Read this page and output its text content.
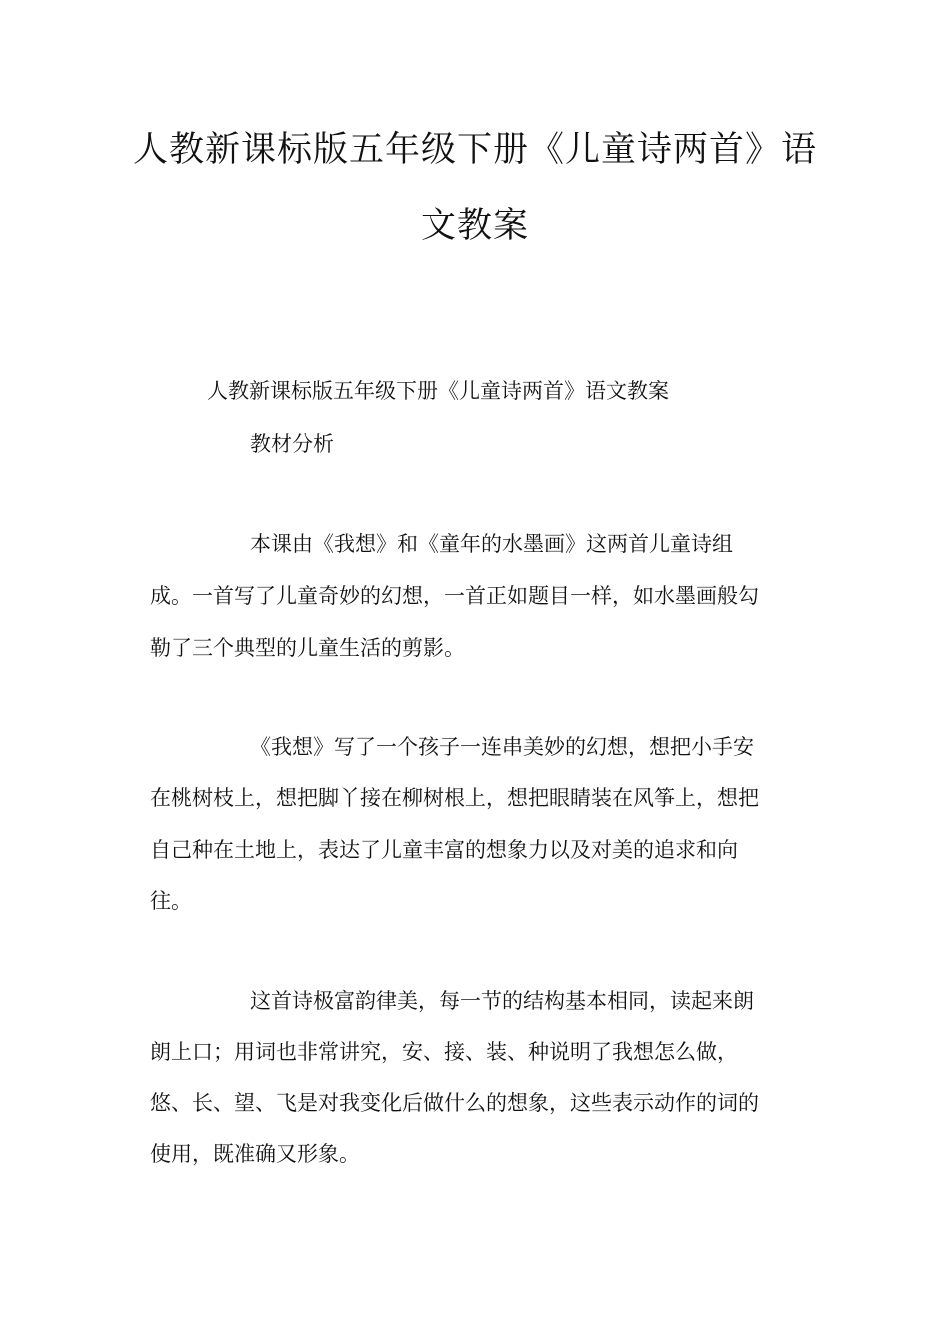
人教新课标版五年级下册《儿童诗两首》语
文教案
人教新课标版五年级下册《儿童诗两首》语文教案
教材分析
本课由《我想》和《童年的水墨画》这两首儿童诗组
成。一首写了儿童奇妙的幻想，一首正如题目一样，如水墨画般勾
勒了三个典型的儿童生活的剪影。
《我想》写了一个孩子一连串美妙的幻想，想把小手安
在桃树枝上，想把脚丫接在柳树根上，想把眼睛装在风筝上，想把
自己种在土地上，表达了儿童丰富的想象力以及对美的追求和向
往。
这首诗极富韵律美，每一节的结构基本相同，读起来朗
朗上口；用词也非常讲究，安、接、装、种说明了我想怎么做，
悠、长、望、飞是对我变化后做什么的想象，这些表示动作的词的
使用，既准确又形象。
